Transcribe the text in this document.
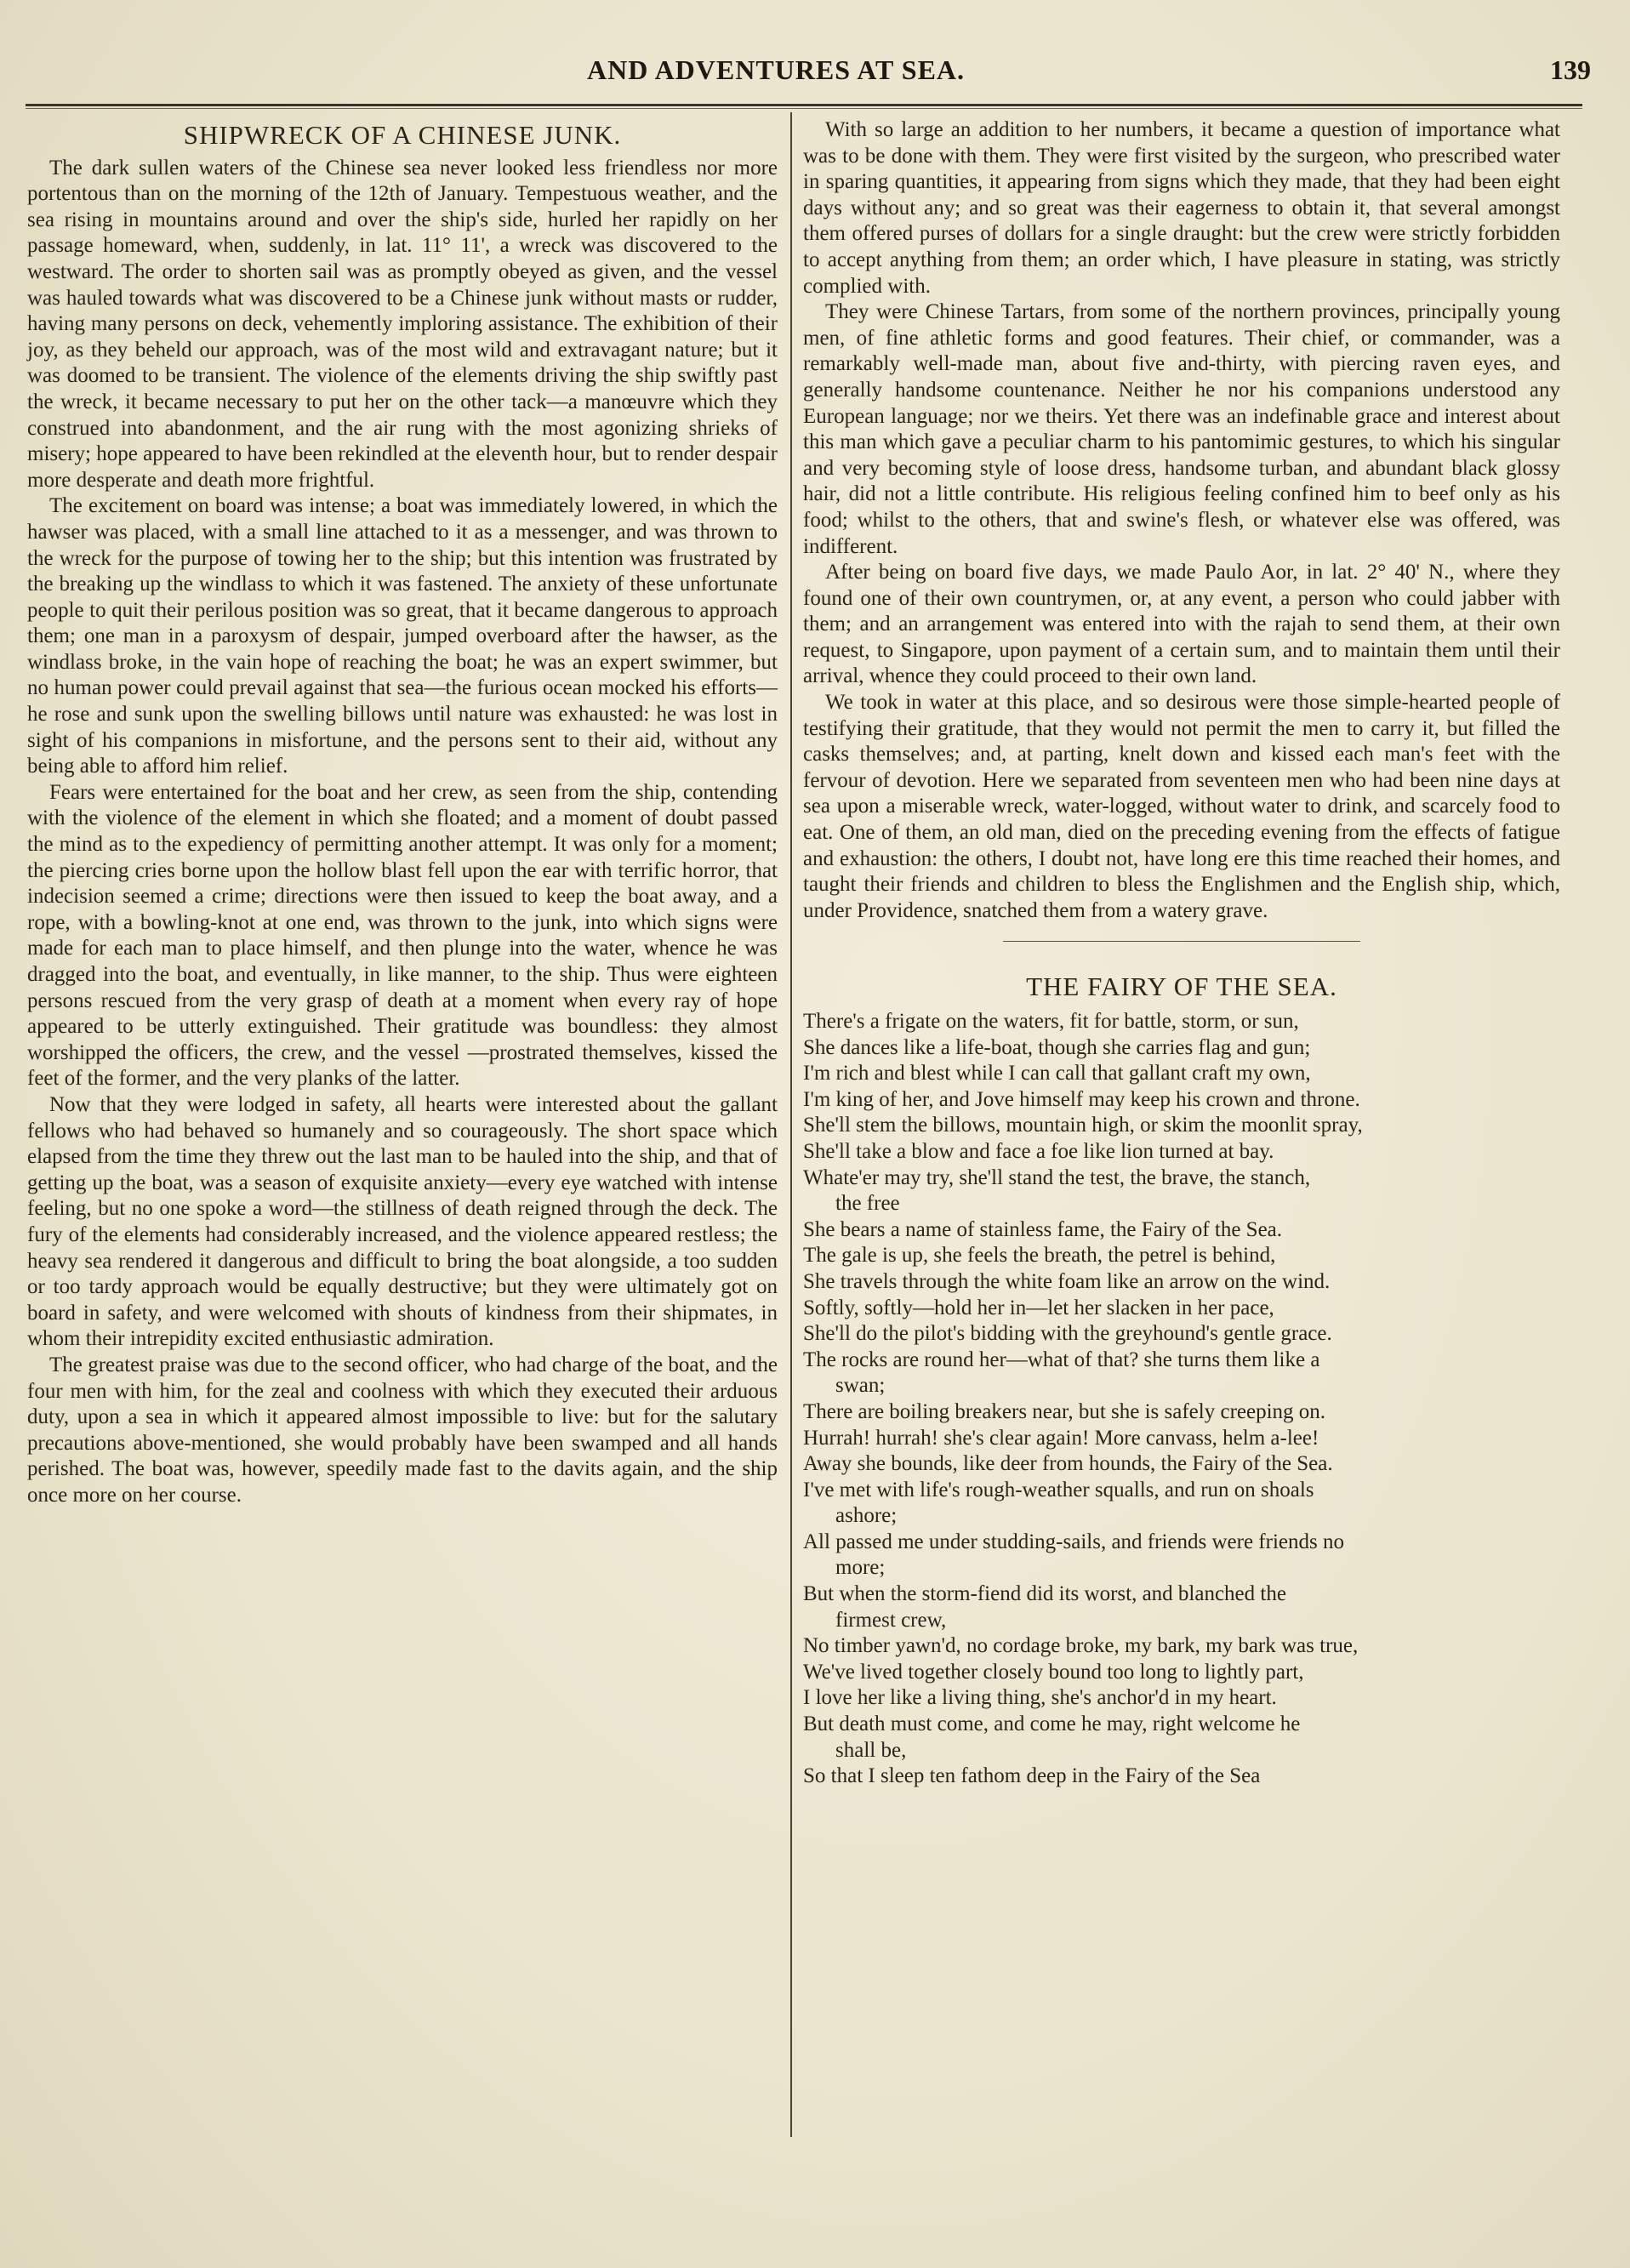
AND ADVENTURES AT SEA.	139
SHIPWRECK OF A CHINESE JUNK.

The dark sullen waters of the Chinese sea never looked less friendless nor more portentous than on the morning of the 12th of January. Tempestuous weather, and the sea rising in mountains around and over the ship's side, hurled her rapidly on her passage homeward, when, suddenly, in lat. 11° 11', a wreck was discovered to the westward. The order to shorten sail was as promptly obeyed as given, and the vessel was hauled towards what was discovered to be a Chinese junk without masts or rudder, having many persons on deck, vehemently imploring assistance. The exhibition of their joy, as they beheld our approach, was of the most wild and extravagant nature; but it was doomed to be transient. The violence of the elements driving the ship swiftly past the wreck, it became necessary to put her on the other tack—a manœuvre which they construed into abandonment, and the air rung with the most agonizing shrieks of misery; hope appeared to have been rekindled at the eleventh hour, but to render despair more desperate and death more frightful.

The excitement on board was intense; a boat was immediately lowered, in which the hawser was placed, with a small line attached to it as a messenger, and was thrown to the wreck for the purpose of towing her to the ship; but this intention was frustrated by the breaking up the windlass to which it was fastened. The anxiety of these unfortunate people to quit their perilous position was so great, that it became dangerous to approach them; one man in a paroxysm of despair, jumped overboard after the hawser, as the windlass broke, in the vain hope of reaching the boat; he was an expert swimmer, but no human power could prevail against that sea—the furious ocean mocked his efforts—he rose and sunk upon the swelling billows until nature was exhausted: he was lost in sight of his companions in misfortune, and the persons sent to their aid, without any being able to afford him relief.

Fears were entertained for the boat and her crew, as seen from the ship, contending with the violence of the element in which she floated; and a moment of doubt passed the mind as to the expediency of permitting another attempt. It was only for a moment; the piercing cries borne upon the hollow blast fell upon the ear with terrific horror, that indecision seemed a crime; directions were then issued to keep the boat away, and a rope, with a bowling-knot at one end, was thrown to the junk, into which signs were made for each man to place himself, and then plunge into the water, whence he was dragged into the boat, and eventually, in like manner, to the ship. Thus were eighteen persons rescued from the very grasp of death at a moment when every ray of hope appeared to be utterly extinguished. Their gratitude was boundless: they almost worshipped the officers, the crew, and the vessel —prostrated themselves, kissed the feet of the former, and the very planks of the latter.

Now that they were lodged in safety, all hearts were interested about the gallant fellows who had behaved so humanely and so courageously. The short space which elapsed from the time they threw out the last man to be hauled into the ship, and that of getting up the boat, was a season of exquisite anxiety—every eye watched with intense feeling, but no one spoke a word—the stillness of death reigned through the deck. The fury of the elements had considerably increased, and the violence appeared restless; the heavy sea rendered it dangerous and difficult to bring the boat alongside, a too sudden or too tardy approach would be equally destructive; but they were ultimately got on board in safety, and were welcomed with shouts of kindness from their shipmates, in whom their intrepidity excited enthusiastic admiration.

The greatest praise was due to the second officer, who had charge of the boat, and the four men with him, for the zeal and coolness with which they executed their arduous duty, upon a sea in which it appeared almost impossible to live: but for the salutary precautions above-mentioned, she would probably have been swamped and all hands perished. The boat was, however, speedily made fast to the davits again, and the ship once more on her course.

With so large an addition to her numbers, it became a question of importance what was to be done with them. They were first visited by the surgeon, who prescribed water in sparing quantities, it appearing from signs which they made, that they had been eight days without any; and so great was their eagerness to obtain it, that several amongst them offered purses of dollars for a single draught: but the crew were strictly forbidden to accept anything from them; an order which, I have pleasure in stating, was strictly complied with.

They were Chinese Tartars, from some of the northern provinces, principally young men, of fine athletic forms and good features. Their chief, or commander, was a remarkably well-made man, about five and-thirty, with piercing raven eyes, and generally handsome countenance. Neither he nor his companions understood any European language; nor we theirs. Yet there was an indefinable grace and interest about this man which gave a peculiar charm to his pantomimic gestures, to which his singular and very becoming style of loose dress, handsome turban, and abundant black glossy hair, did not a little contribute. His religious feeling confined him to beef only as his food; whilst to the others, that and swine's flesh, or whatever else was offered, was indifferent.

After being on board five days, we made Paulo Aor, in lat. 2° 40' N., where they found one of their own countrymen, or, at any event, a person who could jabber with them; and an arrangement was entered into with the rajah to send them, at their own request, to Singapore, upon payment of a certain sum, and to maintain them until their arrival, whence they could proceed to their own land.

We took in water at this place, and so desirous were those simple-hearted people of testifying their gratitude, that they would not permit the men to carry it, but filled the casks themselves; and, at parting, knelt down and kissed each man's feet with the fervour of devotion. Here we separated from seventeen men who had been nine days at sea upon a miserable wreck, water-logged, without water to drink, and scarcely food to eat. One of them, an old man, died on the preceding evening from the effects of fatigue and exhaustion: the others, I doubt not, have long ere this time reached their homes, and taught their friends and children to bless the Englishmen and the English ship, which, under Providence, snatched them from a watery grave.

THE FAIRY OF THE SEA.
There's a frigate on the waters, fit for battle, storm, or sun,
She dances like a life-boat, though she carries flag and gun;
I'm rich and blest while I can call that gallant craft my own,
I'm king of her, and Jove himself may keep his crown and throne.
She'll stem the billows, mountain high, or skim the moonlit spray,
She'll take a blow and face a foe like lion turned at bay.
Whate'er may try, she'll stand the test, the brave, the stanch,
the free
She bears a name of stainless fame, the Fairy of the Sea.
The gale is up, she feels the breath, the petrel is behind,
She travels through the white foam like an arrow on the wind.
Softly, softly—hold her in—let her slacken in her pace,
She'll do the pilot's bidding with the greyhound's gentle grace.
The rocks are round her—what of that? she turns them like a
swan;
There are boiling breakers near, but she is safely creeping on.
Hurrah! hurrah! she's clear again! More canvass, helm a-lee!
Away she bounds, like deer from hounds, the Fairy of the Sea.
I've met with life's rough-weather squalls, and run on shoals
ashore;
All passed me under studding-sails, and friends were friends no
more;
But when the storm-fiend did its worst, and blanched the
firmest crew,
No timber yawn'd, no cordage broke, my bark, my bark was true,
We've lived together closely bound too long to lightly part,
I love her like a living thing, she's anchor'd in my heart.
But death must come, and come he may, right welcome he
shall be,
So that I sleep ten fathom deep in the Fairy of the Sea
